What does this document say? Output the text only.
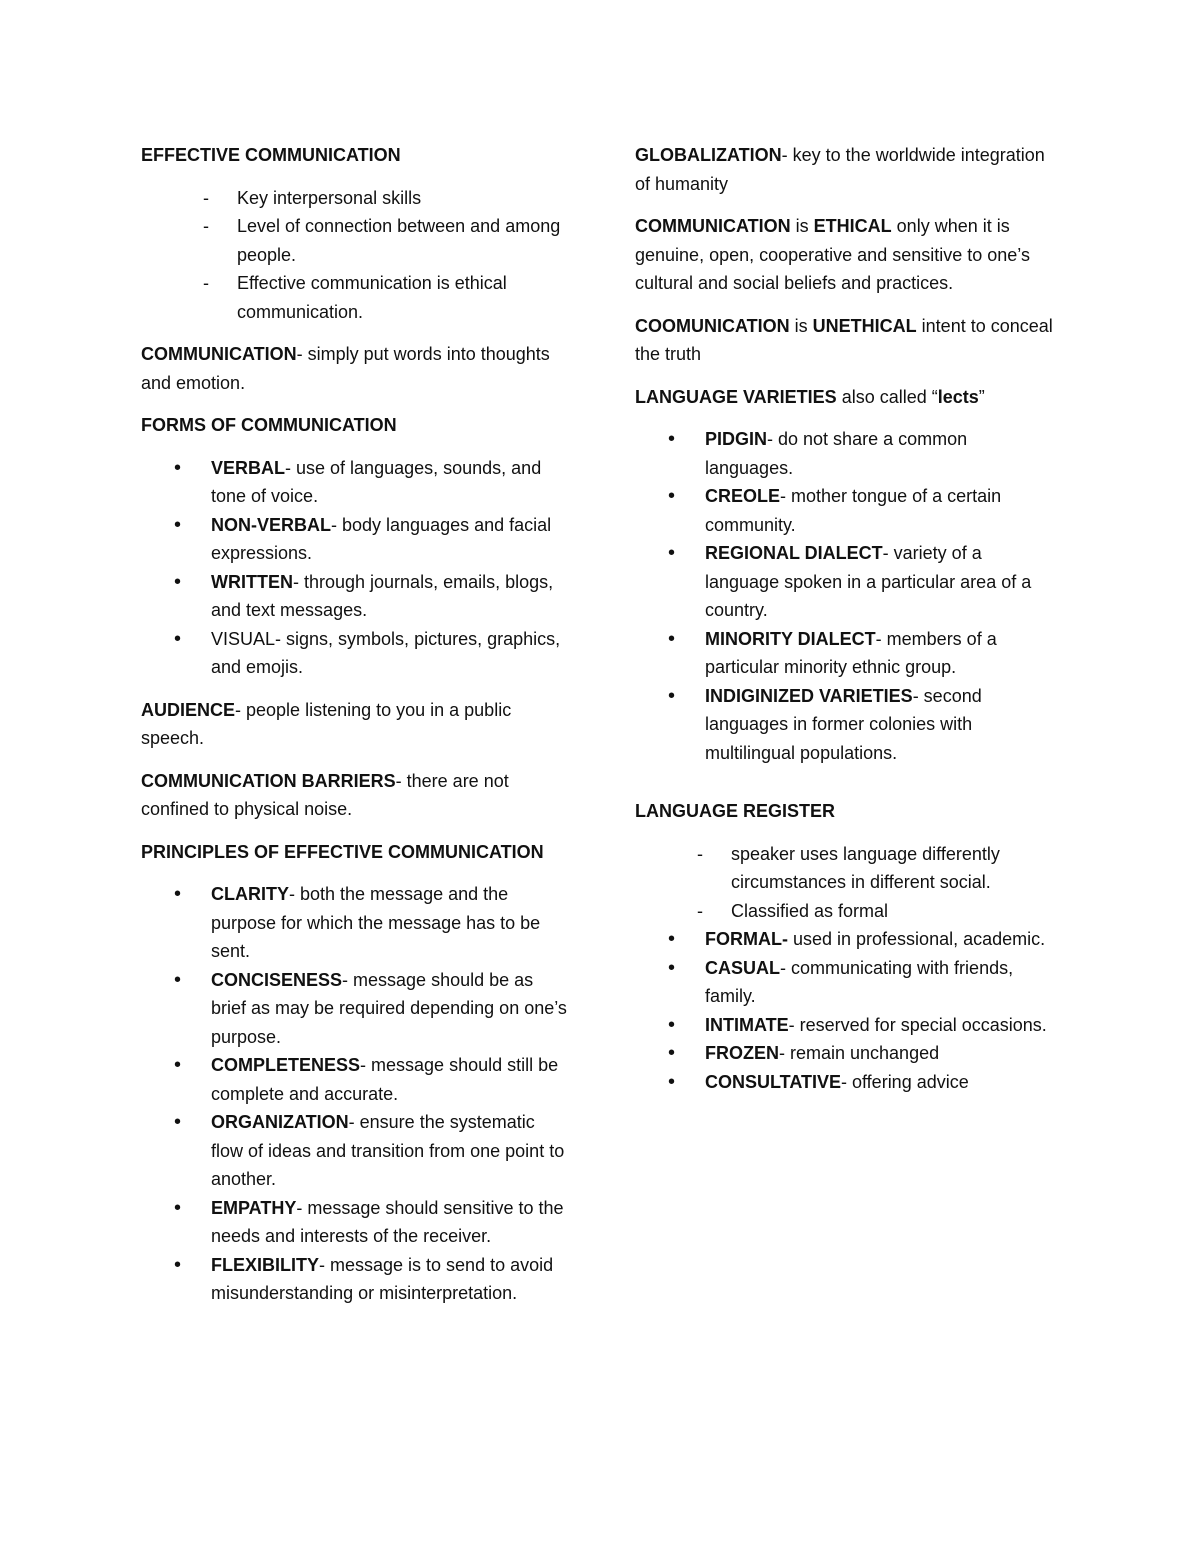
EFFECTIVE COMMUNICATION
- Key interpersonal skills
- Level of connection between and among people.
- Effective communication is ethical communication.
COMMUNICATION- simply put words into thoughts and emotion.
FORMS OF COMMUNICATION
• VERBAL- use of languages, sounds, and tone of voice.
• NON-VERBAL- body languages and facial expressions.
• WRITTEN- through journals, emails, blogs, and text messages.
• VISUAL- signs, symbols, pictures, graphics, and emojis.
AUDIENCE- people listening to you in a public speech.
COMMUNICATION BARRIERS- there are not confined to physical noise.
PRINCIPLES OF EFFECTIVE COMMUNICATION
• CLARITY- both the message and the purpose for which the message has to be sent.
• CONCISENESS- message should be as brief as may be required depending on one’s purpose.
• COMPLETENESS- message should still be complete and accurate.
• ORGANIZATION- ensure the systematic flow of ideas and transition from one point to another.
• EMPATHY- message should sensitive to the needs and interests of the receiver.
• FLEXIBILITY- message is to send to avoid misunderstanding or misinterpretation.
GLOBALIZATION- key to the worldwide integration of humanity
COMMUNICATION is ETHICAL only when it is genuine, open, cooperative and sensitive to one’s cultural and social beliefs and practices.
COOMUNICATION is UNETHICAL intent to conceal the truth
LANGUAGE VARIETIES also called “lects”
• PIDGIN- do not share a common languages.
• CREOLE- mother tongue of a certain community.
• REGIONAL DIALECT- variety of a language spoken in a particular area of a country.
• MINORITY DIALECT- members of a particular minority ethnic group.
• INDIGINIZED VARIETIES- second languages in former colonies with multilingual populations.
LANGUAGE REGISTER
- speaker uses language differently circumstances in different social.
- Classified as formal
• FORMAL- used in professional, academic.
• CASUAL- communicating with friends, family.
• INTIMATE- reserved for special occasions.
• FROZEN- remain unchanged
• CONSULTATIVE- offering advice
